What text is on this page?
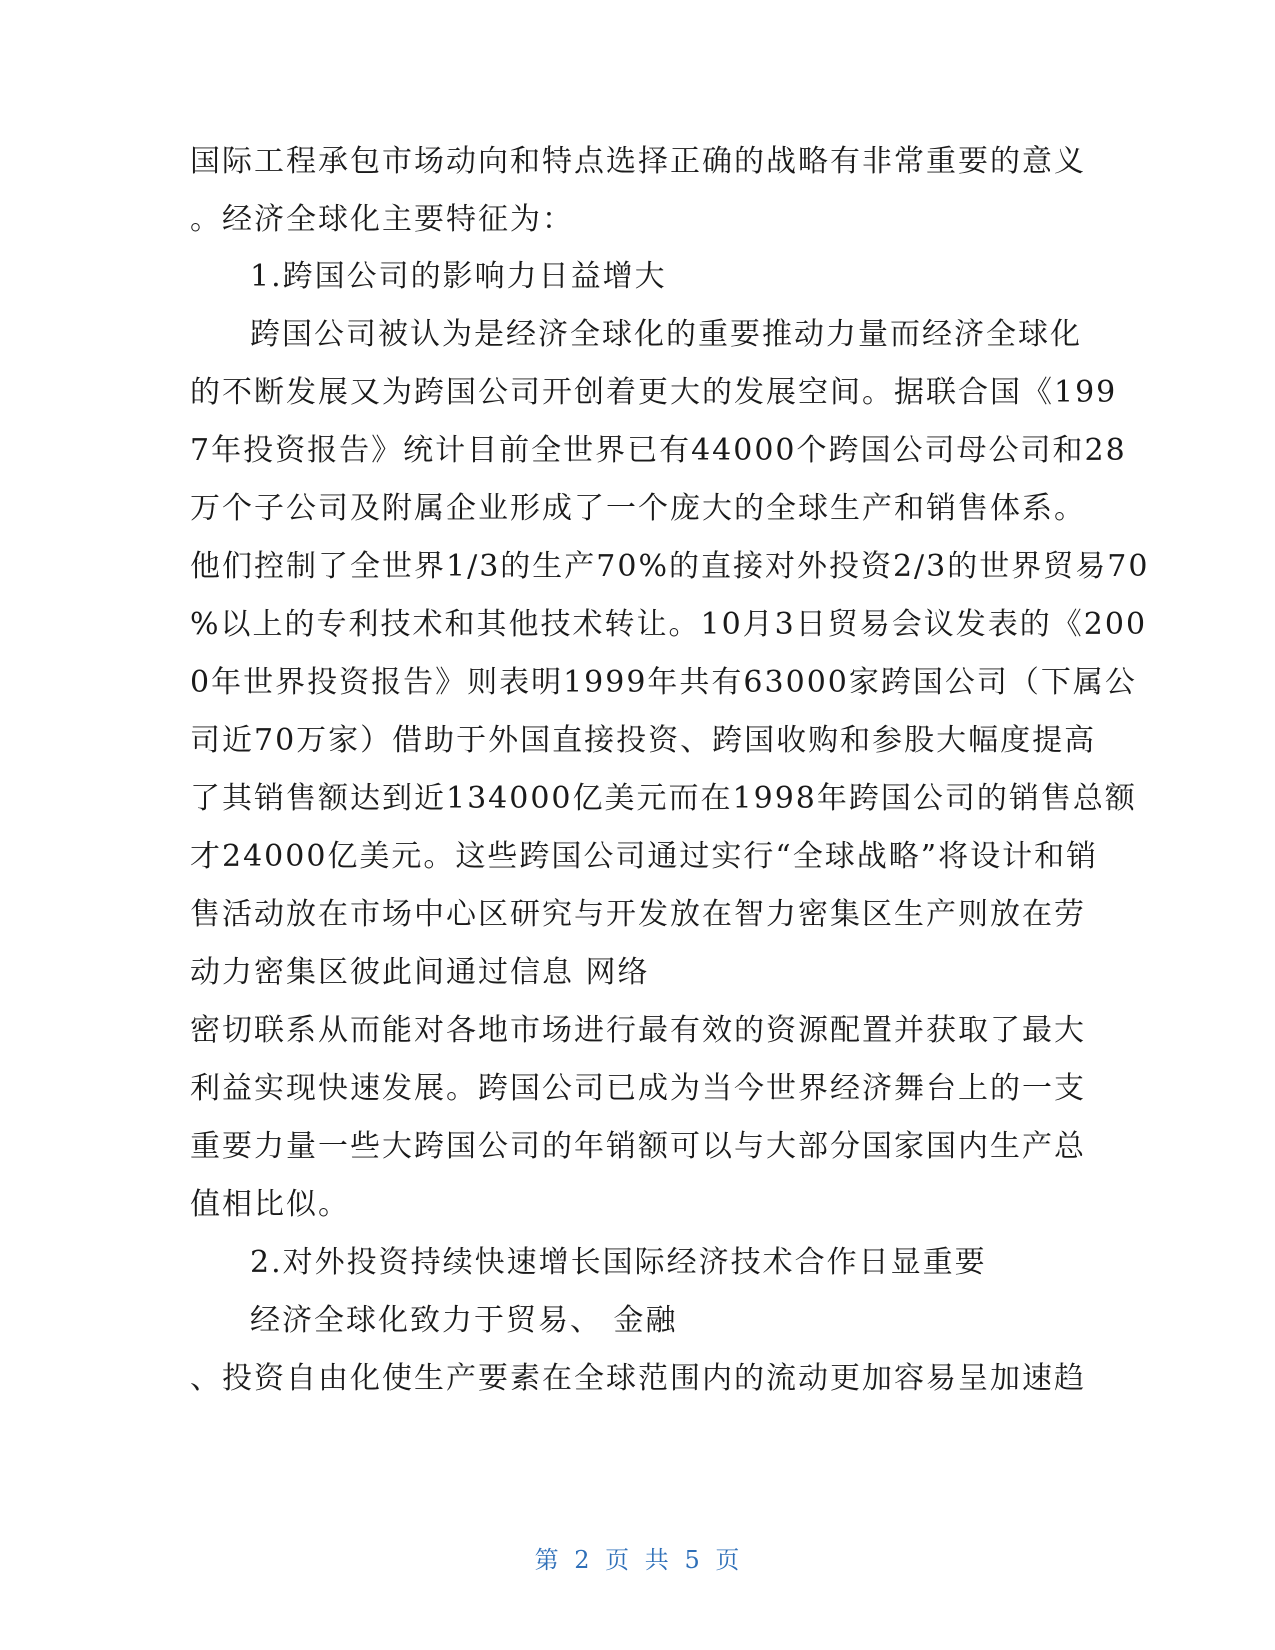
国际工程承包市场动向和特点选择正确的战略有非常重要的意义
。经济全球化主要特征为：
1.跨国公司的影响力日益增大
跨国公司被认为是经济全球化的重要推动力量而经济全球化
的不断发展又为跨国公司开创着更大的发展空间。据联合国《199
7年投资报告》统计目前全世界已有44000个跨国公司母公司和28
万个子公司及附属企业形成了一个庞大的全球生产和销售体系。
他们控制了全世界1/3的生产70%的直接对外投资2/3的世界贸易70
%以上的专利技术和其他技术转让。10月3日贸易会议发表的《200
0年世界投资报告》则表明1999年共有63000家跨国公司（下属公
司近70万家）借助于外国直接投资、跨国收购和参股大幅度提高
了其销售额达到近134000亿美元而在1998年跨国公司的销售总额
才24000亿美元。这些跨国公司通过实行“全球战略”将设计和销
售活动放在市场中心区研究与开发放在智力密集区生产则放在劳
动力密集区彼此间通过信息 网络
密切联系从而能对各地市场进行最有效的资源配置并获取了最大
利益实现快速发展。跨国公司已成为当今世界经济舞台上的一支
重要力量一些大跨国公司的年销额可以与大部分国家国内生产总
值相比似。
2.对外投资持续快速增长国际经济技术合作日显重要
经济全球化致力于贸易、 金融
、投资自由化使生产要素在全球范围内的流动更加容易呈加速趋
第 2 页 共 5 页
